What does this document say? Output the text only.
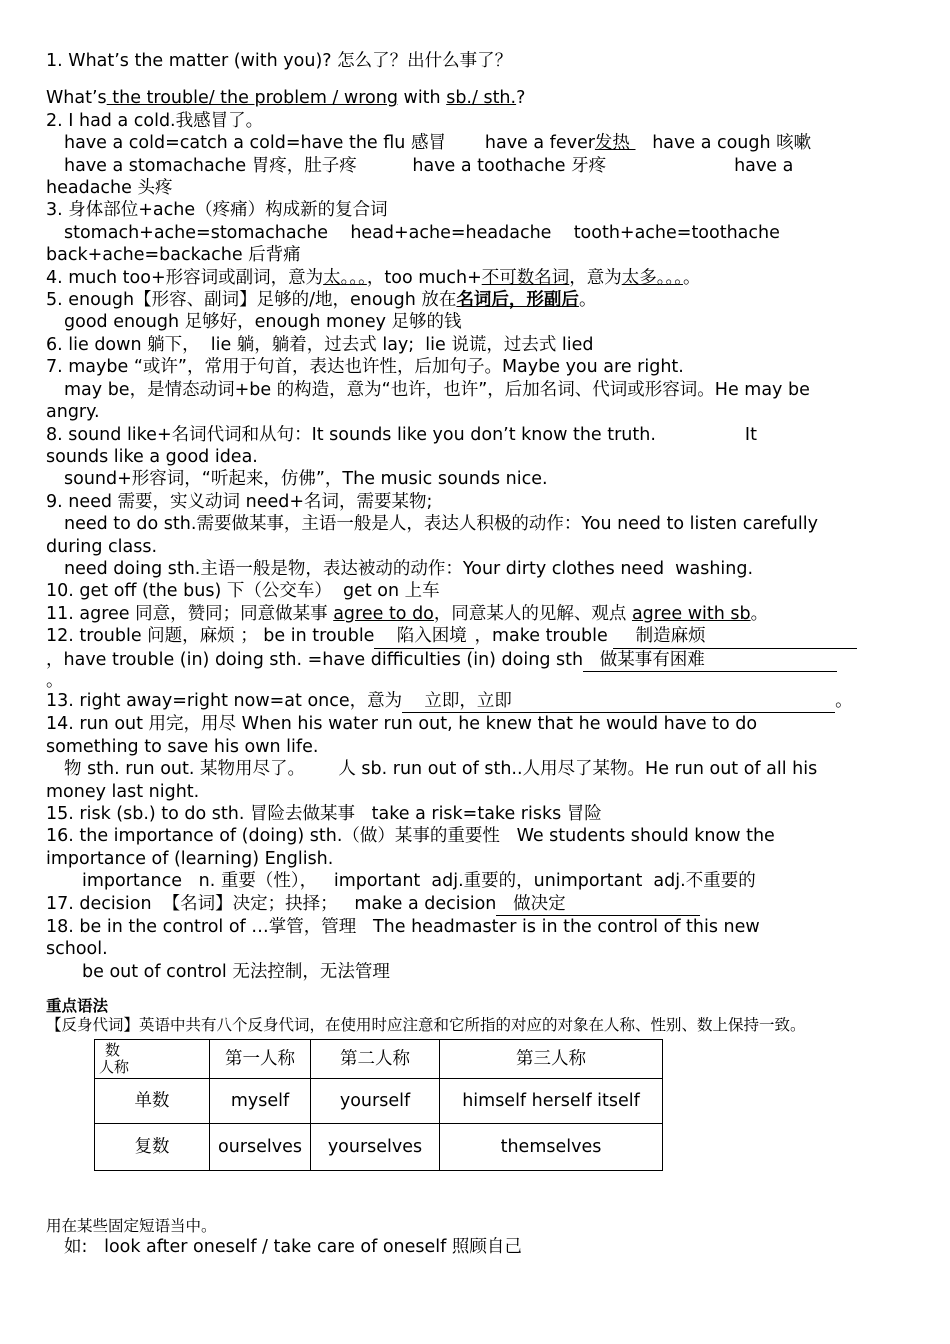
1. What’s the matter (with you)? 怎么了？出什么事了？
What’s the trouble/ the problem / wrong with sb./ sth.?
2. I had a cold.我感冒了。
have a cold=catch a cold=have the flu 感冒       have a fever发热    have a cough 咳嗽
have a stomachache 胃疼，肚子疼          have a toothache 牙疼                       have a
headache 头疼
3. 身体部位+ache（疼痛）构成新的复合词
stomach+ache=stomachache    head+ache=headache    tooth+ache=toothache
back+ache=backache 后背痛
4. much too+形容词或副词，意为太。。。，too much+不可数名词，意为太多。。。。
5. enough【形容、副词】足够的/地，enough 放在名词后，形副后。
good enough 足够好，enough money 足够的钱
6. lie down 躺下，  lie 躺，躺着，过去式 lay;  lie 说谎，过去式 lied
7. maybe “或许”，常用于句首，表达也许性，后加句子。Maybe you are right.
may be，是情态动词+be 的构造，意为“也许，也许”，后加名词、代词或形容词。He may be
angry.
8. sound like+名词代词和从句：It sounds like you don’t know the truth.                It
sounds like a good idea.
sound+形容词，“听起来，仿佛”，The music sounds nice.
9. need 需要，实义动词 need+名词，需要某物;
need to do sth.需要做某事，主语一般是人，表达人积极的动作：You need to listen carefully
during class.
need doing sth.主语一般是物，表达被动的动作：Your dirty clothes need  washing.
10. get off (the bus) 下（公交车）  get on 上车
11. agree 同意，赞同；同意做某事 agree to do，同意某人的见解、观点 agree with sb。
12. trouble 问题，麻烦 ； be in trouble    陷入困境 ，make trouble     制造麻烦
，have trouble (in) doing sth. =have difficulties (in) doing sth   做某事有困难
。
13. right away=right now=at once，意为    立即，立即	。
14. run out 用完，用尽 When his water run out, he knew that he would have to do
something to save his own life.
物 sth. run out. 某物用尽了。      人 sb. run out of sth..人用尽了某物。He run out of all his
money last night.
15. risk (sb.) to do sth. 冒险去做某事   take a risk=take risks 冒险
16. the importance of (doing) sth.（做）某事的重要性   We students should know the
importance of (learning) English.
importance   n. 重要（性），   important  adj.重要的，unimportant  adj.不重要的
17. decision  【名词】决定；抉择；   make a decision   做决定
18. be in the control of …掌管，管理   The headmaster is in the control of this new
school.
be out of control 无法控制，无法管理
重点语法
【反身代词】英语中共有八个反身代词，在使用时应注意和它所指的对应的对象在人称、性别、数上保持一致。
数
人称	第一人称	第二人称	第三人称
单数	myself	yourself	himself herself itself
复数	ourselves	yourselves	themselves
用在某些固定短语当中。
如:   look after oneself / take care of oneself 照顾自己
